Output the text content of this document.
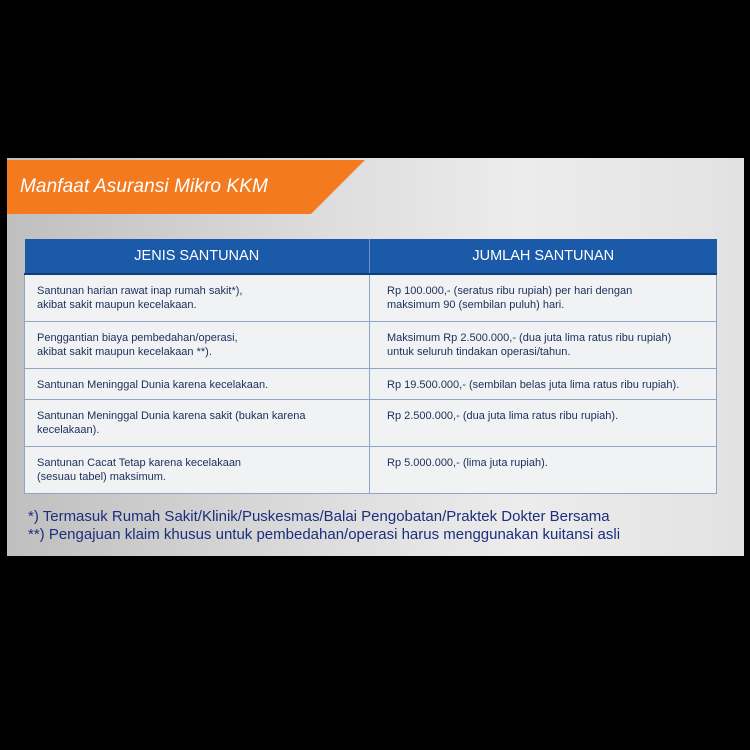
Manfaat Asuransi Mikro KKM
JENIS SANTUNAN	JUMLAH SANTUNAN
Santunan harian rawat inap rumah sakit*),
akibat sakit maupun kecelakaan.	Rp 100.000,- (seratus ribu rupiah) per hari dengan
maksimum 90 (sembilan puluh) hari.
Penggantian biaya pembedahan/operasi,
akibat sakit maupun kecelakaan **).	Maksimum Rp 2.500.000,- (dua juta lima ratus ribu rupiah)
untuk seluruh tindakan operasi/tahun.
Santunan Meninggal Dunia karena kecelakaan.	Rp 19.500.000,- (sembilan belas juta lima ratus ribu rupiah).
Santunan Meninggal Dunia karena sakit (bukan karena
kecelakaan).	Rp 2.500.000,- (dua juta lima ratus ribu rupiah).
Santunan Cacat Tetap karena kecelakaan
(sesuau tabel) maksimum.	Rp 5.000.000,- (lima juta rupiah).
*) Termasuk Rumah Sakit/Klinik/Puskesmas/Balai Pengobatan/Praktek Dokter Bersama
**) Pengajuan klaim khusus untuk pembedahan/operasi harus menggunakan kuitansi asli
